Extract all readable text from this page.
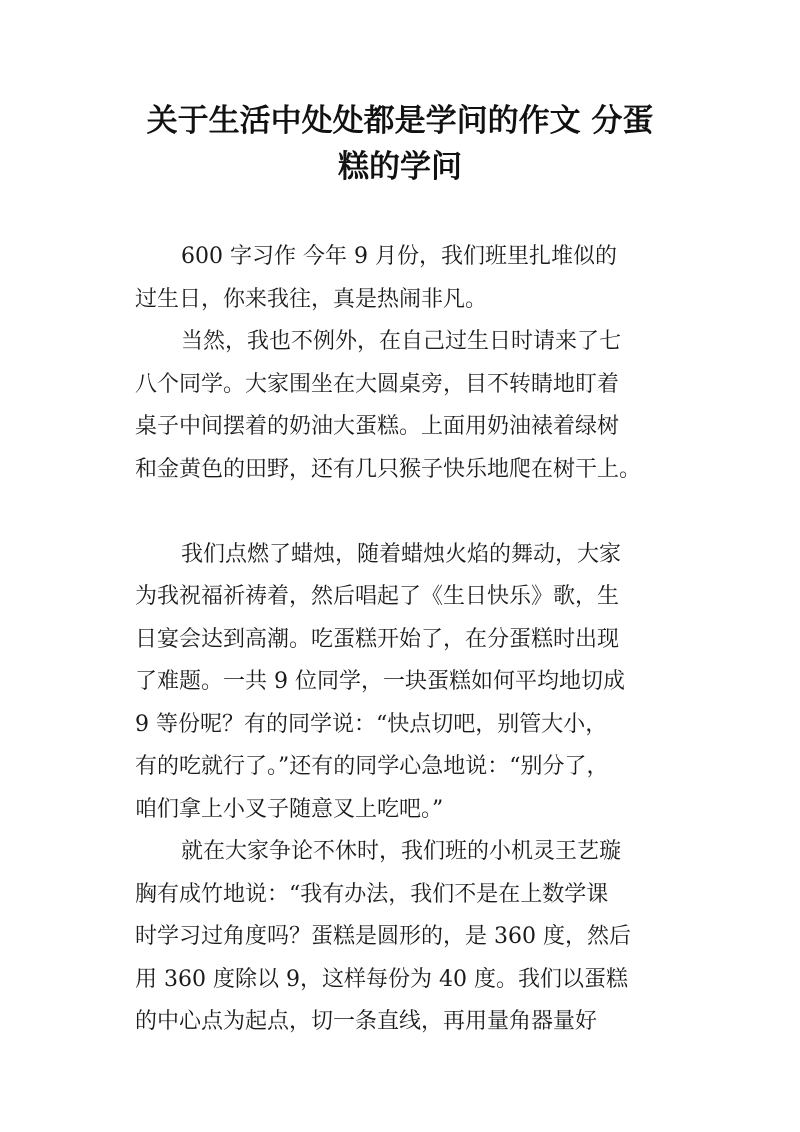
关于生活中处处都是学问的作文 分蛋
糕的学问

600 字习作 今年 9 月份，我们班里扎堆似的
过生日，你来我往，真是热闹非凡。

当然，我也不例外，在自己过生日时请来了七
八个同学。大家围坐在大圆桌旁，目不转睛地盯着
桌子中间摆着的奶油大蛋糕。上面用奶油裱着绿树
和金黄色的田野，还有几只猴子快乐地爬在树干上。

我们点燃了蜡烛，随着蜡烛火焰的舞动，大家
为我祝福祈祷着，然后唱起了《生日快乐》歌，生
日宴会达到高潮。吃蛋糕开始了，在分蛋糕时出现
了难题。一共 9 位同学，一块蛋糕如何平均地切成
9 等份呢？有的同学说：“快点切吧，别管大小，
有的吃就行了。”还有的同学心急地说：“别分了，
咱们拿上小叉子随意叉上吃吧。”

就在大家争论不休时，我们班的小机灵王艺璇
胸有成竹地说：“我有办法，我们不是在上数学课
时学习过角度吗？蛋糕是圆形的，是 360 度，然后
用 360 度除以 9，这样每份为 40 度。我们以蛋糕
的中心点为起点，切一条直线，再用量角器量好
